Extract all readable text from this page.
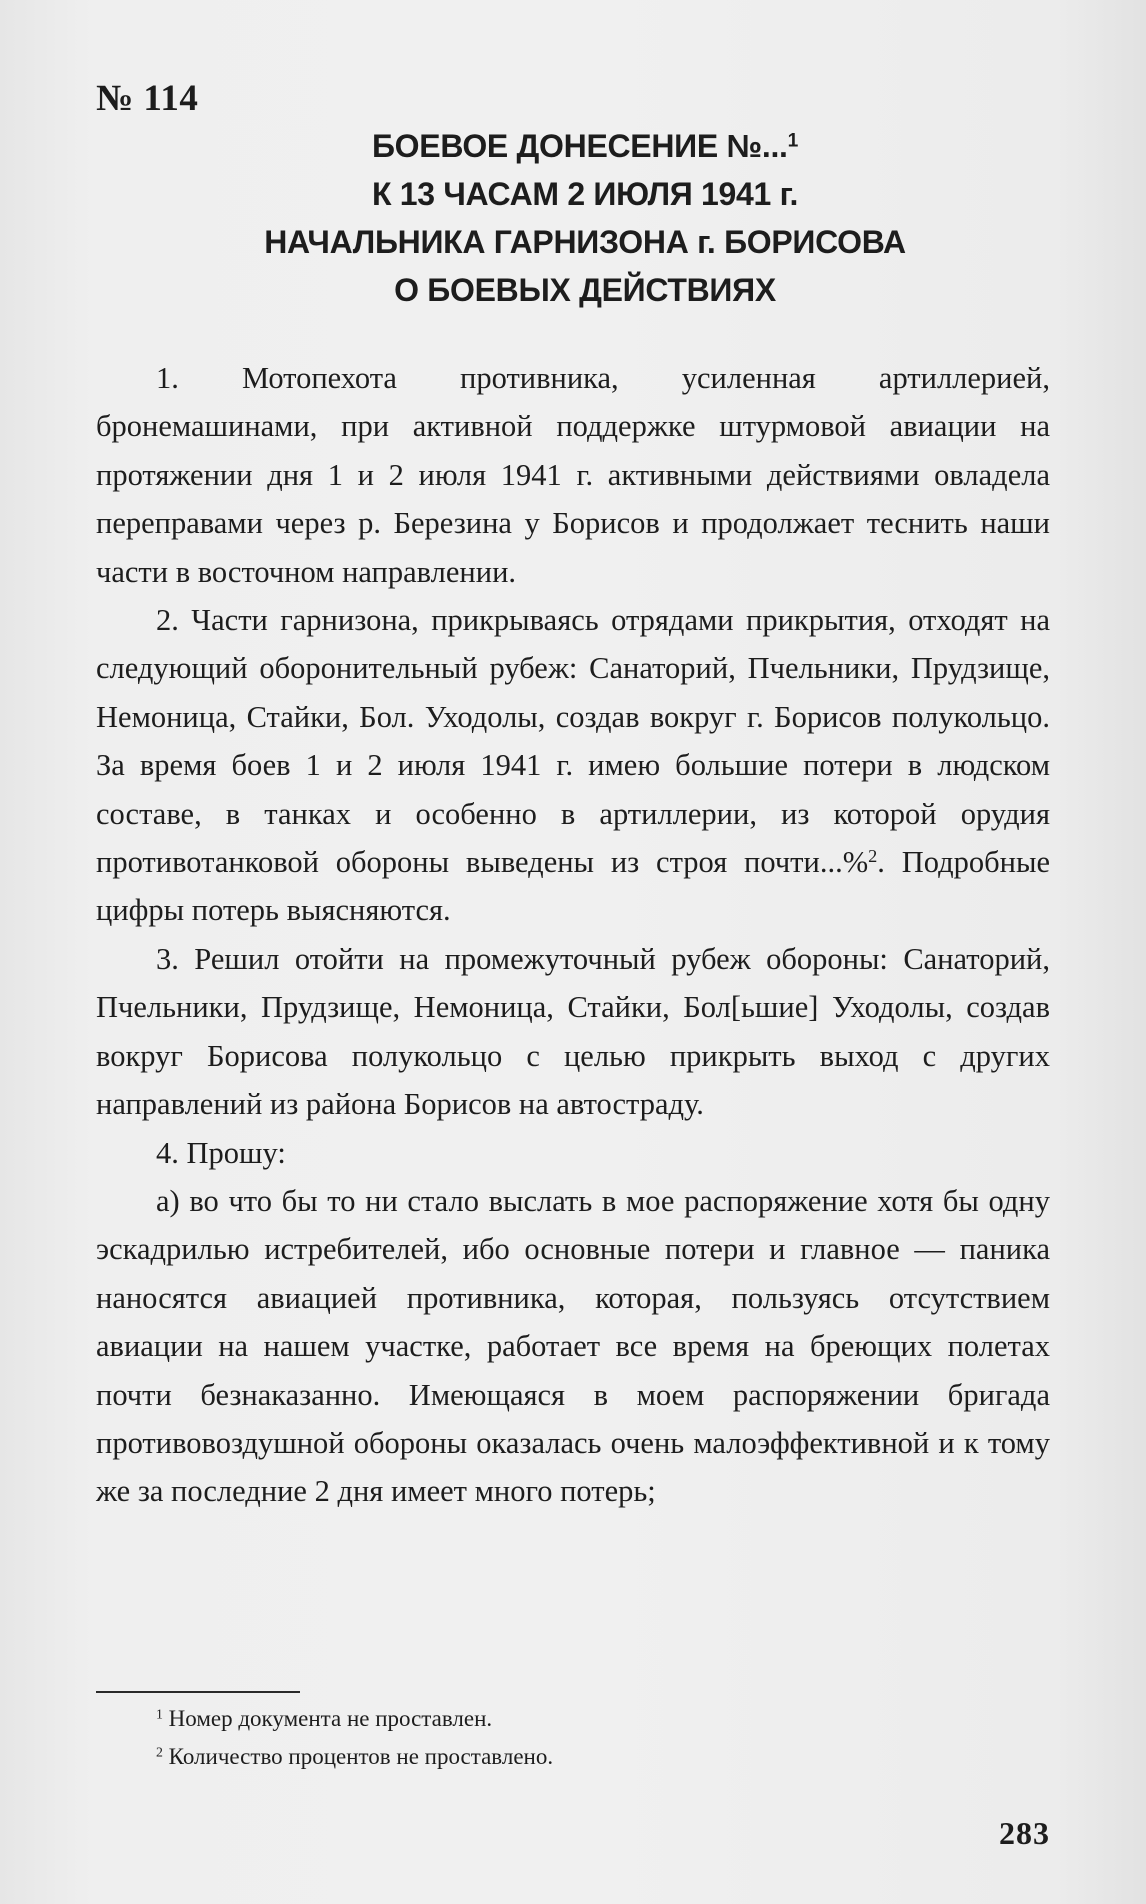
№ 114
БОЕВОЕ ДОНЕСЕНИЕ №...$^1$
К 13 ЧАСАМ 2 ИЮЛЯ 1941 г.
НАЧАЛЬНИКА ГАРНИЗОНА г. БОРИСОВА
О БОЕВЫХ ДЕЙСТВИЯХ

1. Мотопехота противника, усиленная артиллерией, бронемашинами, при активной поддержке штурмовой авиации на протяжении дня 1 и 2 июля 1941 г. активными действиями овладела переправами через р. Березина у Борисов и продолжает теснить наши части в восточном направлении.

2. Части гарнизона, прикрываясь отрядами прикрытия, отходят на следующий оборонительный рубеж: Санаторий, Пчельники, Прудзище, Немоница, Стайки, Бол. Уходолы, создав вокруг г. Борисов полукольцо. За время боев 1 и 2 июля 1941 г. имею большие потери в людском составе, в танках и особенно в артиллерии, из которой орудия противотанковой обороны выведены из строя почти...%$^2$. Подробные цифры потерь выясняются.

3. Решил отойти на промежуточный рубеж обороны: Санаторий, Пчельники, Прудзище, Немоница, Стайки, Бол[ьшие] Уходолы, создав вокруг Борисова полукольцо с целью прикрыть выход с других направлений из района Борисов на автостраду.

4. Прошу:

а) во что бы то ни стало выслать в мое распоряжение хотя бы одну эскадрилью истребителей, ибо основные потери и главное — паника наносятся авиацией противника, которая, пользуясь отсутствием авиации на нашем участке, работает все время на бреющих полетах почти безнаказанно. Имеющаяся в моем распоряжении бригада противовоздушной обороны оказалась очень малоэффективной и к тому же за последние 2 дня имеет много потерь;

$^1$ Номер документа не проставлен.
$^2$ Количество процентов не проставлено.
283
